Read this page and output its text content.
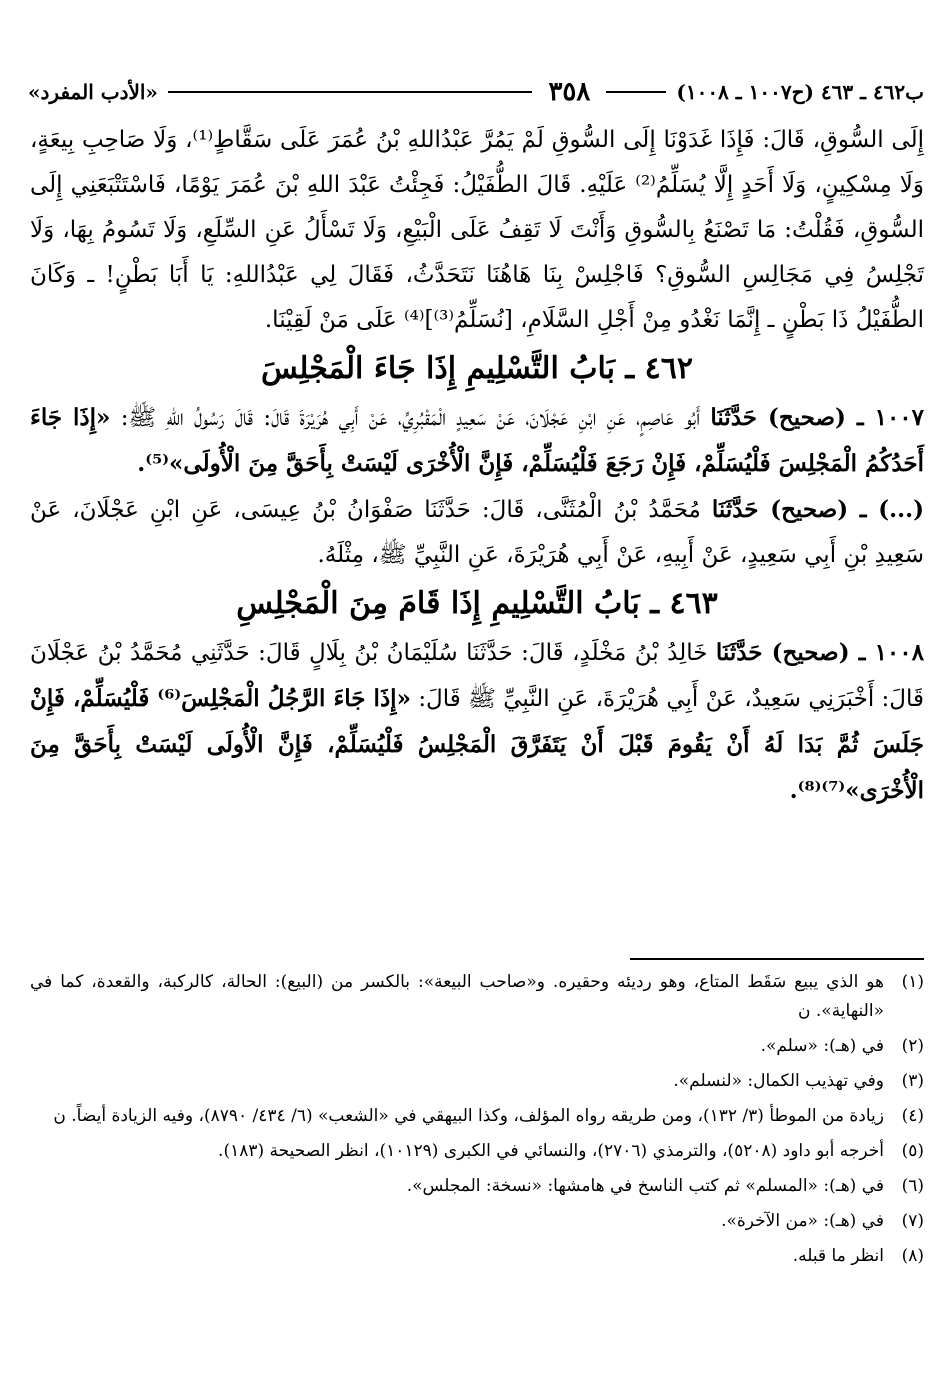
ب٤٦٢ ـ ٤٦٣ (ح١٠٠٧ ـ ١٠٠٨)
٣٥٨
«الأدب المفرد»

إِلَى السُّوقِ، قَالَ: فَإِذَا غَدَوْنَا إِلَى السُّوقِ لَمْ يَمُرَّ عَبْدُاللهِ بْنُ عُمَرَ عَلَى سَقَّاطٍ⁽¹⁾، وَلَا صَاحِبِ بِيعَةٍ، وَلَا مِسْكِينٍ، وَلَا أَحَدٍ إِلَّا يُسَلِّمُ⁽²⁾ عَلَيْهِ. قَالَ الطُّفَيْلُ: فَجِئْتُ عَبْدَ اللهِ بْنَ عُمَرَ يَوْمًا، فَاسْتَتْبَعَنِي إِلَى السُّوقِ، فَقُلْتُ: مَا تَصْنَعُ بِالسُّوقِ وَأَنْتَ لَا تَقِفُ عَلَى الْبَيْعِ، وَلَا تَسْأَلُ عَنِ السِّلَعِ، وَلَا تَسُومُ بِهَا، وَلَا تَجْلِسُ فِي مَجَالِسِ السُّوقِ؟ فَاجْلِسْ بِنَا هَاهُنَا نَتَحَدَّثُ، فَقَالَ لِي عَبْدُاللهِ: يَا أَبَا بَطْنٍ! ـ وَكَانَ الطُّفَيْلُ ذَا بَطْنٍ ـ إِنَّمَا نَغْدُو مِنْ أَجْلِ السَّلَامِ، [نُسَلِّمُ⁽³⁾]⁽⁴⁾ عَلَى مَنْ لَقِيْنَا.

٤٦٢ ـ بَابُ التَّسْلِيمِ إِذَا جَاءَ الْمَجْلِسَ

١٠٠٧ ـ (صحيح) حَدَّثَنَا أَبُو عَاصِمٍ، عَنِ ابْنِ عَجْلَانَ، عَنْ سَعِيدٍ الْمَقْبُرِيِّ، عَنْ أَبِي هُرَيْرَةَ قَالَ: قَالَ رَسُولُ اللهِ ﷺ: «إِذَا جَاءَ أَحَدُكُمُ الْمَجْلِسَ فَلْيُسَلِّمْ، فَإِنْ رَجَعَ فَلْيُسَلِّمْ، فَإِنَّ الْأُخْرَى لَيْسَتْ بِأَحَقَّ مِنَ الْأُولَى»⁽⁵⁾.

(...) ـ (صحيح) حَدَّثَنَا مُحَمَّدُ بْنُ الْمُثَنَّى، قَالَ: حَدَّثَنَا صَفْوَانُ بْنُ عِيسَى، عَنِ ابْنِ عَجْلَانَ، عَنْ سَعِيدِ بْنِ أَبِي سَعِيدٍ، عَنْ أَبِيهِ، عَنْ أَبِي هُرَيْرَةَ، عَنِ النَّبِيِّ ﷺ، مِثْلَهُ.

٤٦٣ ـ بَابُ التَّسْلِيمِ إِذَا قَامَ مِنَ الْمَجْلِسِ

١٠٠٨ ـ (صحيح) حَدَّثَنَا خَالِدُ بْنُ مَخْلَدٍ، قَالَ: حَدَّثَنَا سُلَيْمَانُ بْنُ بِلَالٍ قَالَ: حَدَّثَنِي مُحَمَّدُ بْنُ عَجْلَانَ قَالَ: أَخْبَرَنِي سَعِيدٌ، عَنْ أَبِي هُرَيْرَةَ، عَنِ النَّبِيِّ ﷺ قَالَ: «إِذَا جَاءَ الرَّجُلُ الْمَجْلِسَ⁽⁶⁾ فَلْيُسَلِّمْ، فَإِنْ جَلَسَ ثُمَّ بَدَا لَهُ أَنْ يَقُومَ قَبْلَ أَنْ يَتَفَرَّقَ الْمَجْلِسُ فَلْيُسَلِّمْ، فَإِنَّ الْأُولَى لَيْسَتْ بِأَحَقَّ مِنَ الْأُخْرَى»⁽⁷⁾⁽⁸⁾.

(١)
هو الذي يبيع سَقَط المتاع، وهو رديئه وحقيره. و«صاحب البيعة»: بالكسر من (البيع): الحالة، كالركبة، والقعدة، كما في «النهاية». ن
(٢)
في (هـ): «سلم».
(٣)
وفي تهذيب الكمال: «لنسلم».
(٤)
زيادة من الموطأ (٣/ ١٣٢)، ومن طريقه رواه المؤلف، وكذا البيهقي في «الشعب» (٦/ ٤٣٤/ ٨٧٩٠)، وفيه الزيادة أيضاً. ن
(٥)
أخرجه أبو داود (٥٢٠٨)، والترمذي (٢٧٠٦)، والنسائي في الكبرى (١٠١٢٩)، انظر الصحيحة (١٨٣).
(٦)
في (هـ): «المسلم» ثم كتب الناسخ في هامشها: «نسخة: المجلس».
(٧)
في (هـ): «من الآخرة».
(٨)
انظر ما قبله.
